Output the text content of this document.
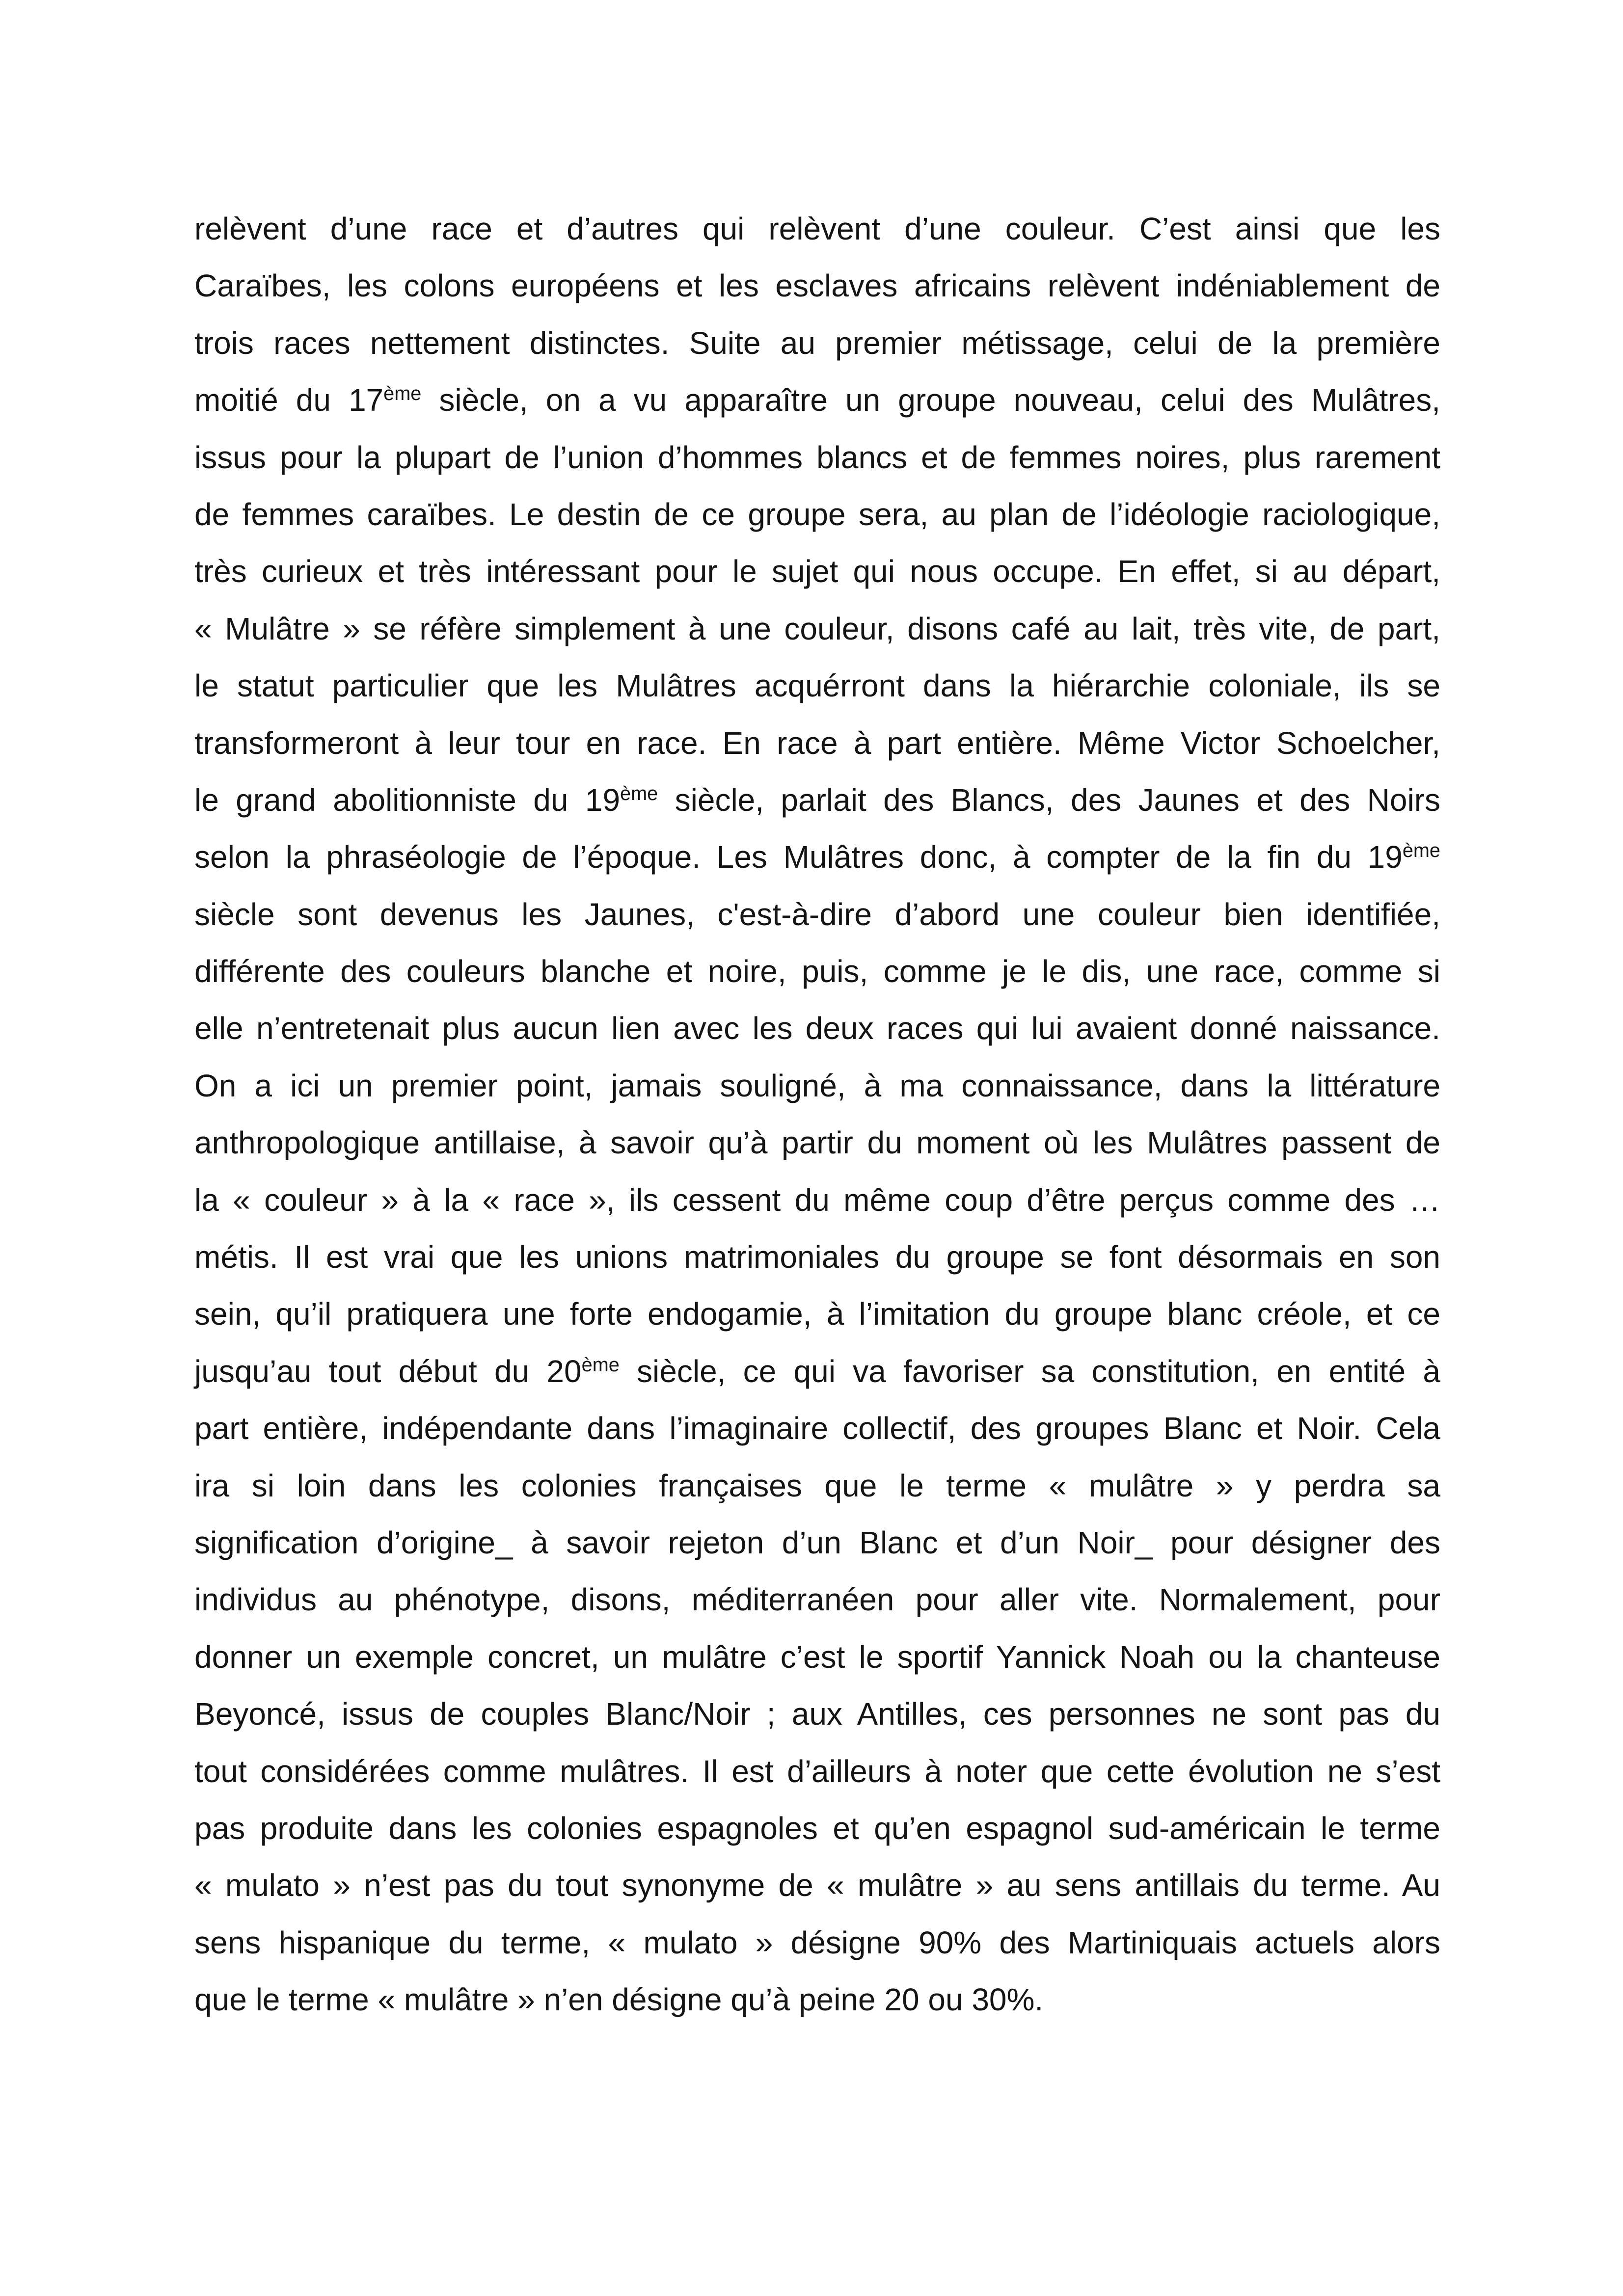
relèvent d’une race et d’autres qui relèvent d’une couleur. C’est ainsi que les
Caraïbes, les colons européens et les esclaves africains relèvent indéniablement de
trois races nettement distinctes. Suite au premier métissage, celui de la première
moitié du 17ème siècle, on a vu apparaître un groupe nouveau, celui des Mulâtres,
issus pour la plupart de l’union d’hommes blancs et de femmes noires, plus rarement
de femmes caraïbes. Le destin de ce groupe sera, au plan de l’idéologie raciologique,
très curieux et très intéressant pour le sujet qui nous occupe. En effet, si au départ,
« Mulâtre » se réfère simplement à une couleur, disons café au lait, très vite, de part,
le statut particulier que les Mulâtres acquérront dans la hiérarchie coloniale, ils se
transformeront à leur tour en race. En race à part entière. Même Victor Schoelcher,
le grand abolitionniste du 19ème siècle, parlait des Blancs, des Jaunes et des Noirs
selon la phraséologie de l’époque. Les Mulâtres donc, à compter de la fin du 19ème
siècle sont devenus les Jaunes, c'est-à-dire d’abord une couleur bien identifiée,
différente des couleurs blanche et noire, puis, comme je le dis, une race, comme si
elle n’entretenait plus aucun lien avec les deux races qui lui avaient donné naissance.
On a ici un premier point, jamais souligné, à ma connaissance, dans la littérature
anthropologique antillaise, à savoir qu’à partir du moment où les Mulâtres passent de
la « couleur » à la « race », ils cessent du même coup d’être perçus comme des …
métis. Il est vrai que les unions matrimoniales du groupe se font désormais en son
sein, qu’il pratiquera une forte endogamie, à l’imitation du groupe blanc créole, et ce
jusqu’au tout début du 20ème siècle, ce qui va favoriser sa constitution, en entité à
part entière, indépendante dans l’imaginaire collectif, des groupes Blanc et Noir. Cela
ira si loin dans les colonies françaises que le terme « mulâtre » y perdra sa
signification d’origine_ à savoir rejeton d’un Blanc et d’un Noir_ pour désigner des
individus au phénotype, disons, méditerranéen pour aller vite. Normalement, pour
donner un exemple concret, un mulâtre c’est le sportif Yannick Noah ou la chanteuse
Beyoncé, issus de couples Blanc/Noir ; aux Antilles, ces personnes ne sont pas du
tout considérées comme mulâtres. Il est d’ailleurs à noter que cette évolution ne s’est
pas produite dans les colonies espagnoles et qu’en espagnol sud-américain le terme
« mulato » n’est pas du tout synonyme de « mulâtre » au sens antillais du terme. Au
sens hispanique du terme, « mulato » désigne 90% des Martiniquais actuels alors
que le terme « mulâtre » n’en désigne qu’à peine 20 ou 30%.
